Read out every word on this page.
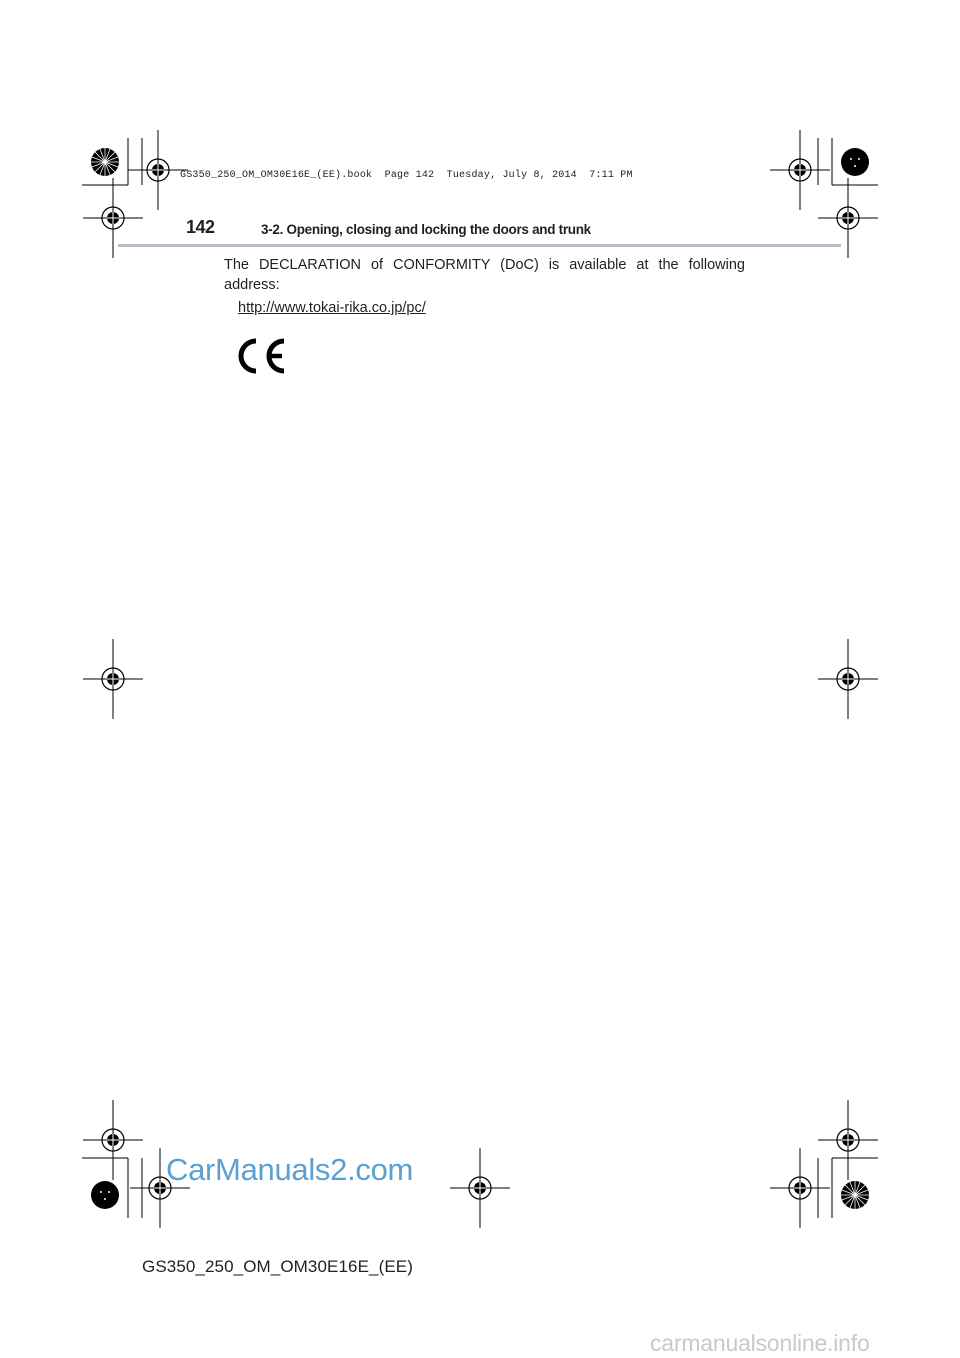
GS350_250_OM_OM30E16E_(EE).book Page 142 Tuesday, July 8, 2014  7:11 PM
142	3-2. Opening, closing and locking the doors and trunk
The DECLARATION of CONFORMITY (DoC) is available at the following address:
http://www.tokai-rika.co.jp/pc/
CarManuals2.com
GS350_250_OM_OM30E16E_(EE)
carmanualsonline.info
